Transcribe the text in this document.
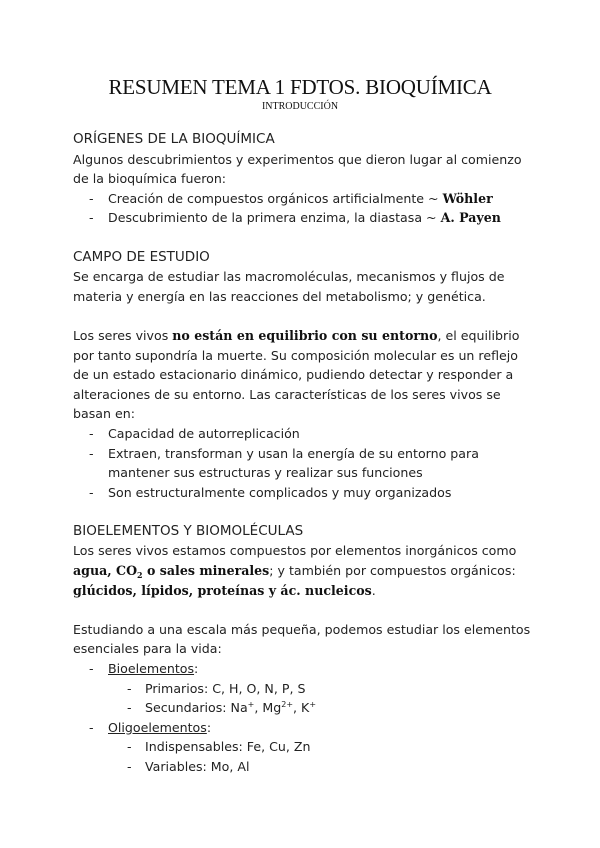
RESUMEN TEMA 1 FDTOS. BIOQUÍMICA
INTRODUCCIÓN
ORÍGENES DE LA BIOQUÍMICA

Algunos descubrimientos y experimentos que dieron lugar al comienzo de la bioquímica fueron:

- Creación de compuestos orgánicos artificialmente ~ Wöhler
- Descubrimiento de la primera enzima, la diastasa ~ A. Payen
CAMPO DE ESTUDIO

Se encarga de estudiar las macromoléculas, mecanismos y flujos de materia y energía en las reacciones del metabolismo; y genética.

Los seres vivos no están en equilibrio con su entorno, el equilibrio por tanto supondría la muerte. Su composición molecular es un reflejo de un estado estacionario dinámico, pudiendo detectar y responder a alteraciones de su entorno. Las características de los seres vivos se basan en:

- Capacidad de autorreplicación
- Extraen, transforman y usan la energía de su entorno para mantener sus estructuras y realizar sus funciones
- Son estructuralmente complicados y muy organizados
BIOELEMENTOS Y BIOMOLÉCULAS

Los seres vivos estamos compuestos por elementos inorgánicos como agua, $CO_2$ o sales minerales; y también por compuestos orgánicos: glúcidos, lípidos, proteínas y ác. nucleicos.

Estudiando a una escala más pequeña, podemos estudiar los elementos esenciales para la vida:

- Bioelementos:
- Primarios: C, H, O, N, P, S
- Secundarios: Na+, $Mg^{2+}$, K+
- Oligoelementos:
- Indispensables: Fe, Cu, Zn
- Variables: Mo, Al
